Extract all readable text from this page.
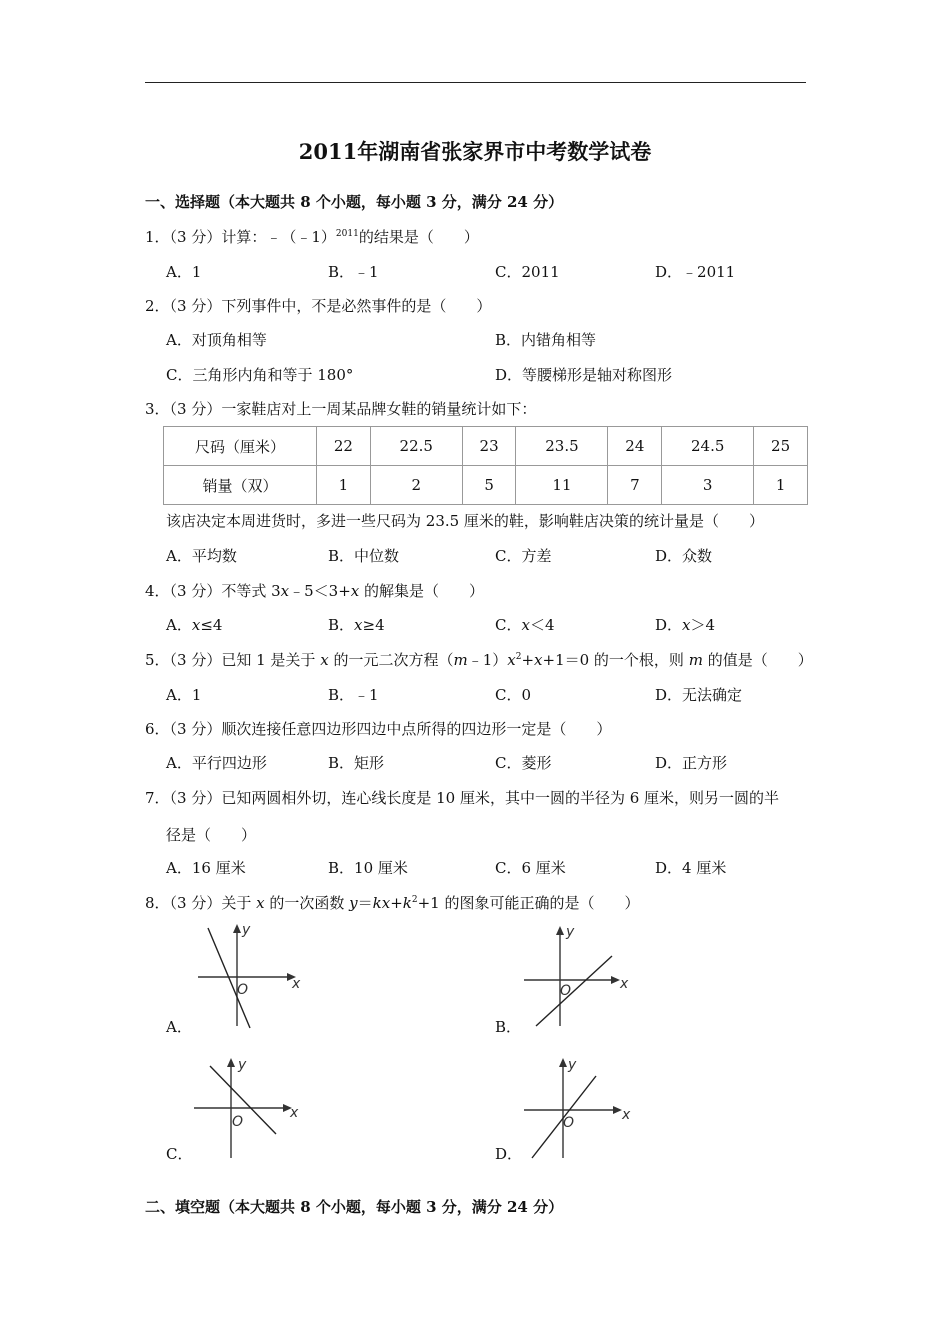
2011年湖南省张家界市中考数学试卷
一、选择题（本大题共 8 个小题，每小题 3 分，满分 24 分）
1．（3 分）计算：﹣（﹣1）$^{2011}$的结果是（　　）
A．1	B．﹣1	C．2011	D．﹣2011
2．（3 分）下列事件中，不是必然事件的是（　　）
A．对顶角相等	B．内错角相等
C．三角形内角和等于 180°	D．等腰梯形是轴对称图形
3．（3 分）一家鞋店对上一周某品牌女鞋的销量统计如下：
尺码（厘米）	22	22.5	23	23.5	24	24.5	25
销量（双）	1	2	5	11	7	3	1
该店决定本周进货时，多进一些尺码为 23.5 厘米的鞋，影响鞋店决策的统计量是（　　）
A．平均数	B．中位数	C．方差	D．众数
4．（3 分）不等式 3x﹣5＜3+x 的解集是（　　）
A．x≤4	B．x≥4	C．x＜4	D．x＞4
5．（3 分）已知 1 是关于 x 的一元二次方程$(m﹣1)x^2+x+1=0$ 的一个根，则 m 的值是（　　）
A．1	B．﹣1	C．0	D．无法确定
6．（3 分）顺次连接任意四边形四边中点所得的四边形一定是（　　）
A．平行四边形	B．矩形	C．菱形	D．正方形
7．（3 分）已知两圆相外切，连心线长度是 10 厘米，其中一圆的半径为 6 厘米，则另一圆的半
径是（　　）
A．16 厘米	B．10 厘米	C．6 厘米	D．4 厘米
8．（3 分）关于 x 的一次函数 $y=kx+k^2+1$ 的图象可能正确的是（　　）
x
y
O
A．
x
y
O
B．
x
y
O
C．
x
y
O
D．
二、填空题（本大题共 8 个小题，每小题 3 分，满分 24 分）
